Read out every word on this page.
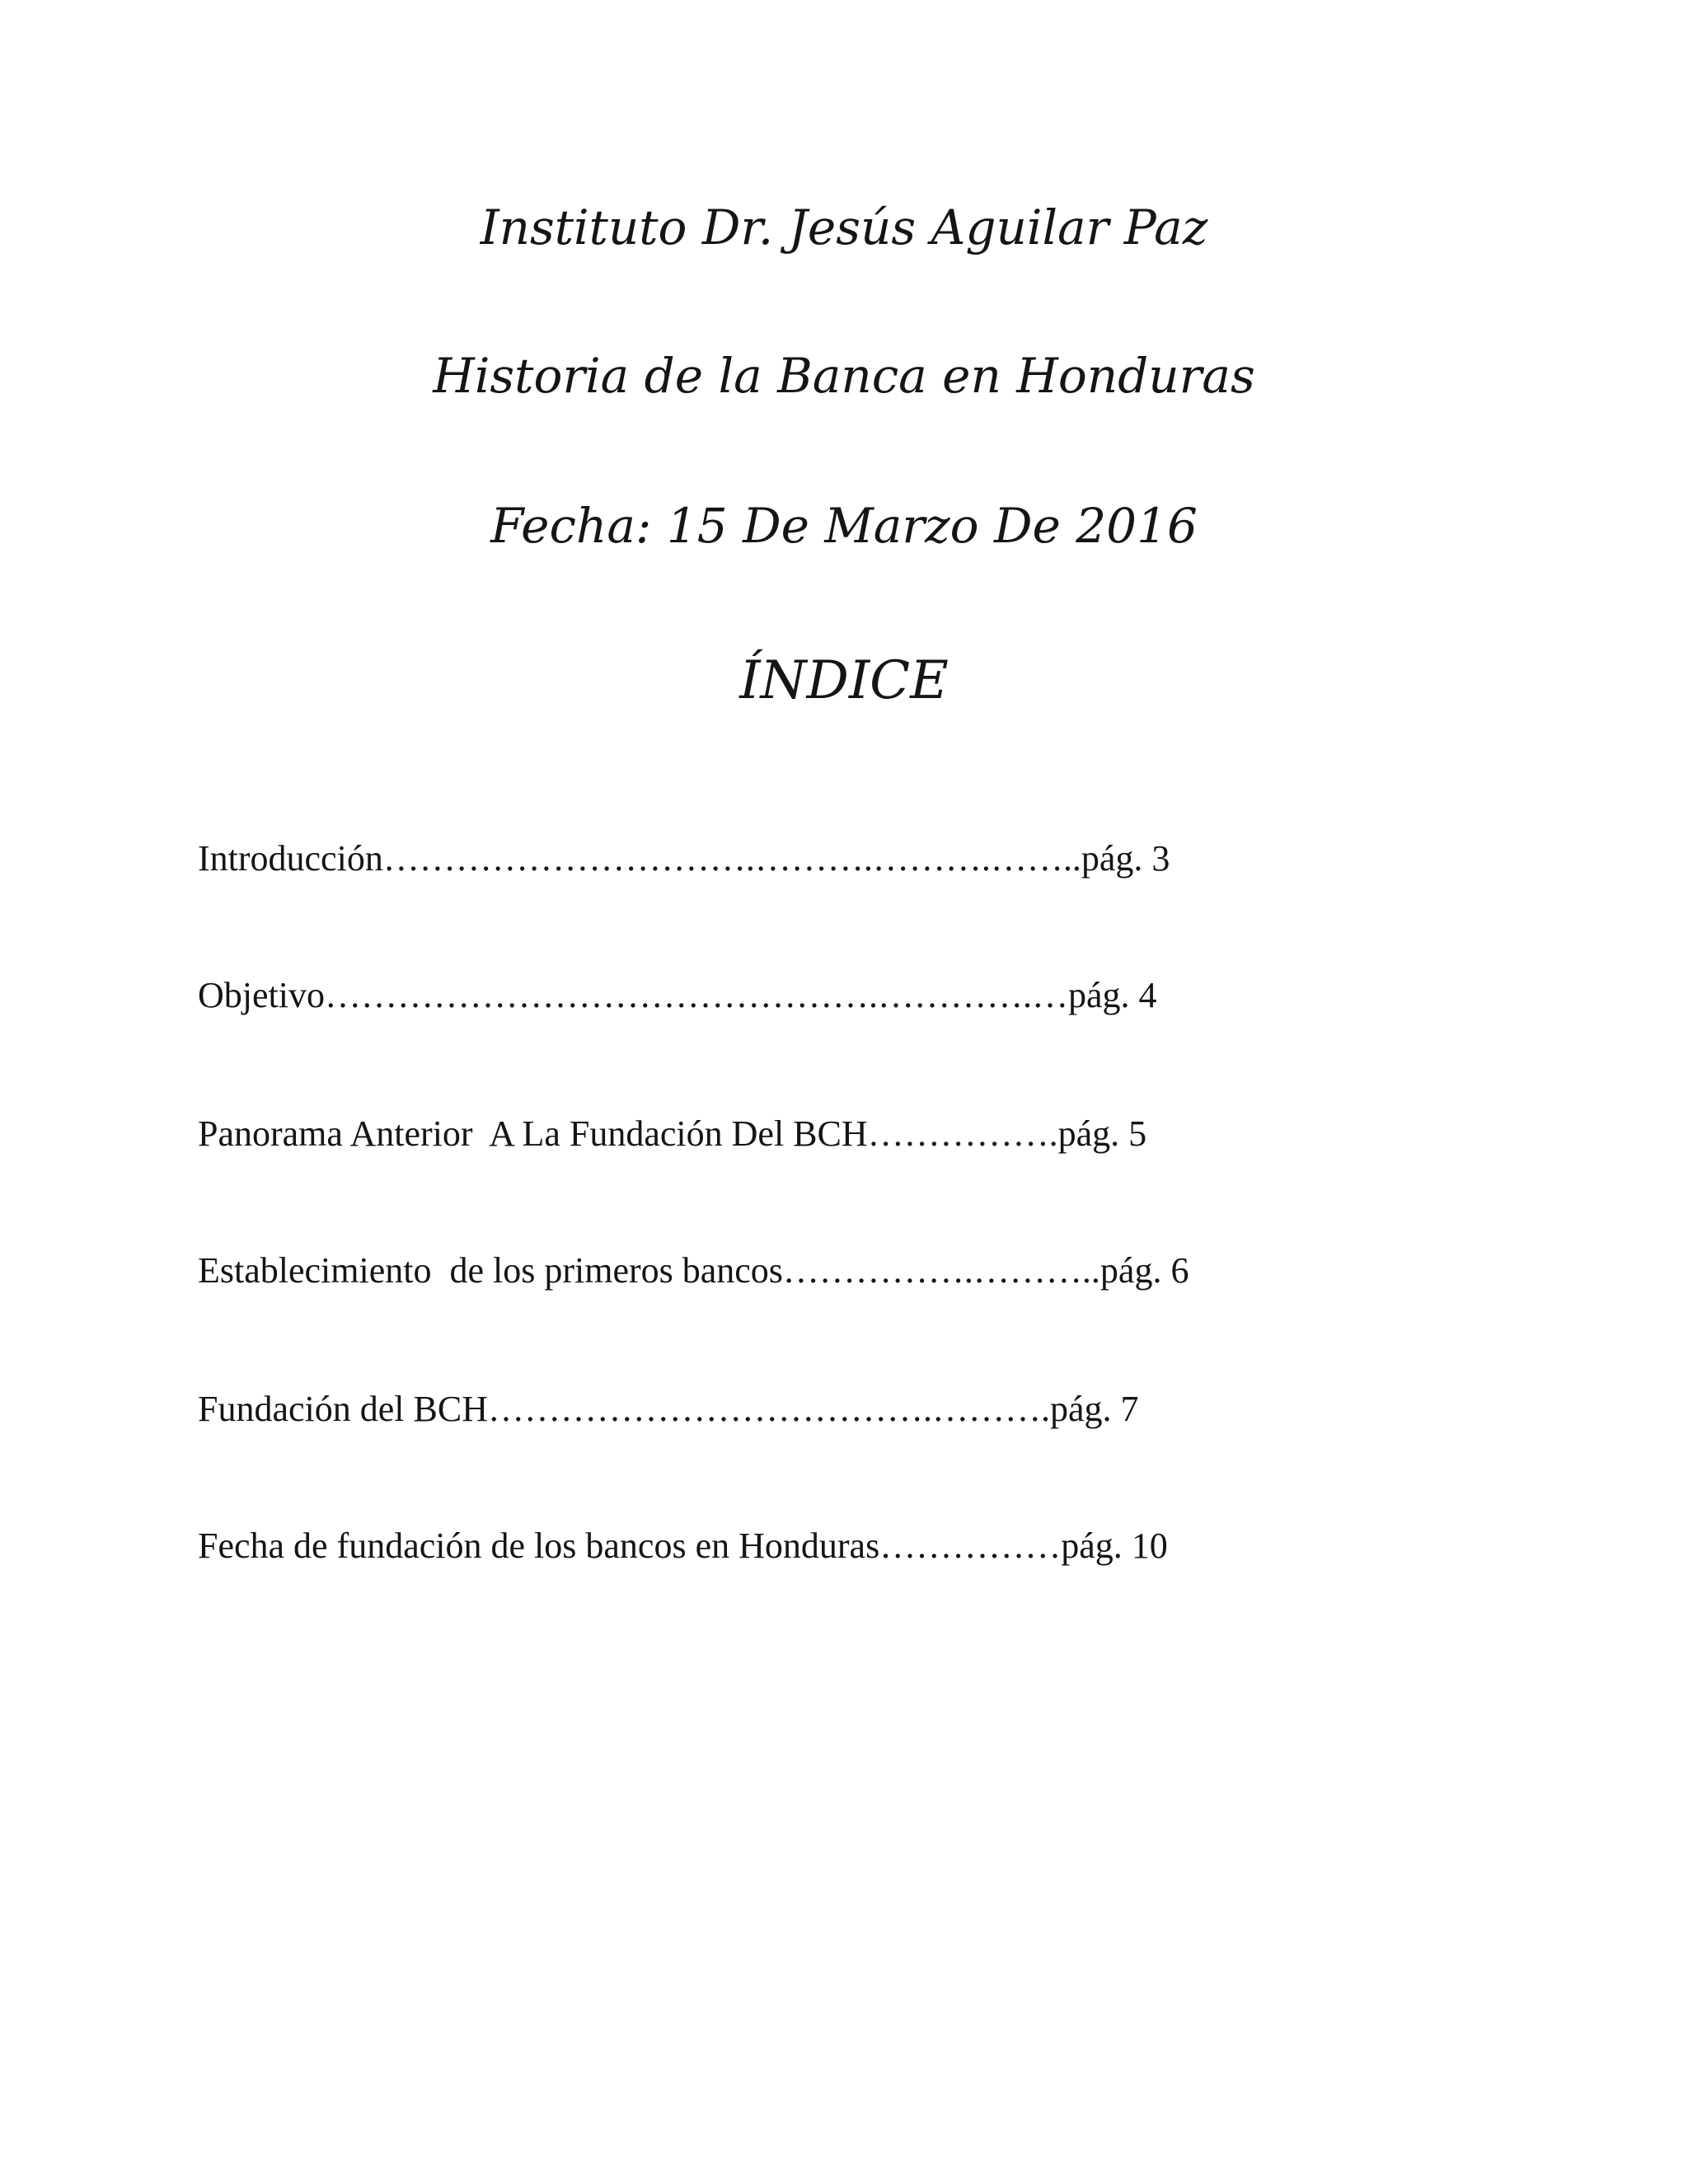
Instituto Dr. Jesús Aguilar Paz
Historia de la Banca en Honduras
Fecha: 15 De Marzo De 2016
ÍNDICE
Introducción………………………….……….……….……..pág. 3
Objetivo……………………………………….………….…pág. 4
Panorama Anterior  A La Fundación Del BCH…………….pág. 5
Establecimiento  de los primeros bancos…………….………..pág. 6
Fundación del BCH……………………………….……….pág. 7
Fecha de fundación de los bancos en Honduras……………pág. 10
